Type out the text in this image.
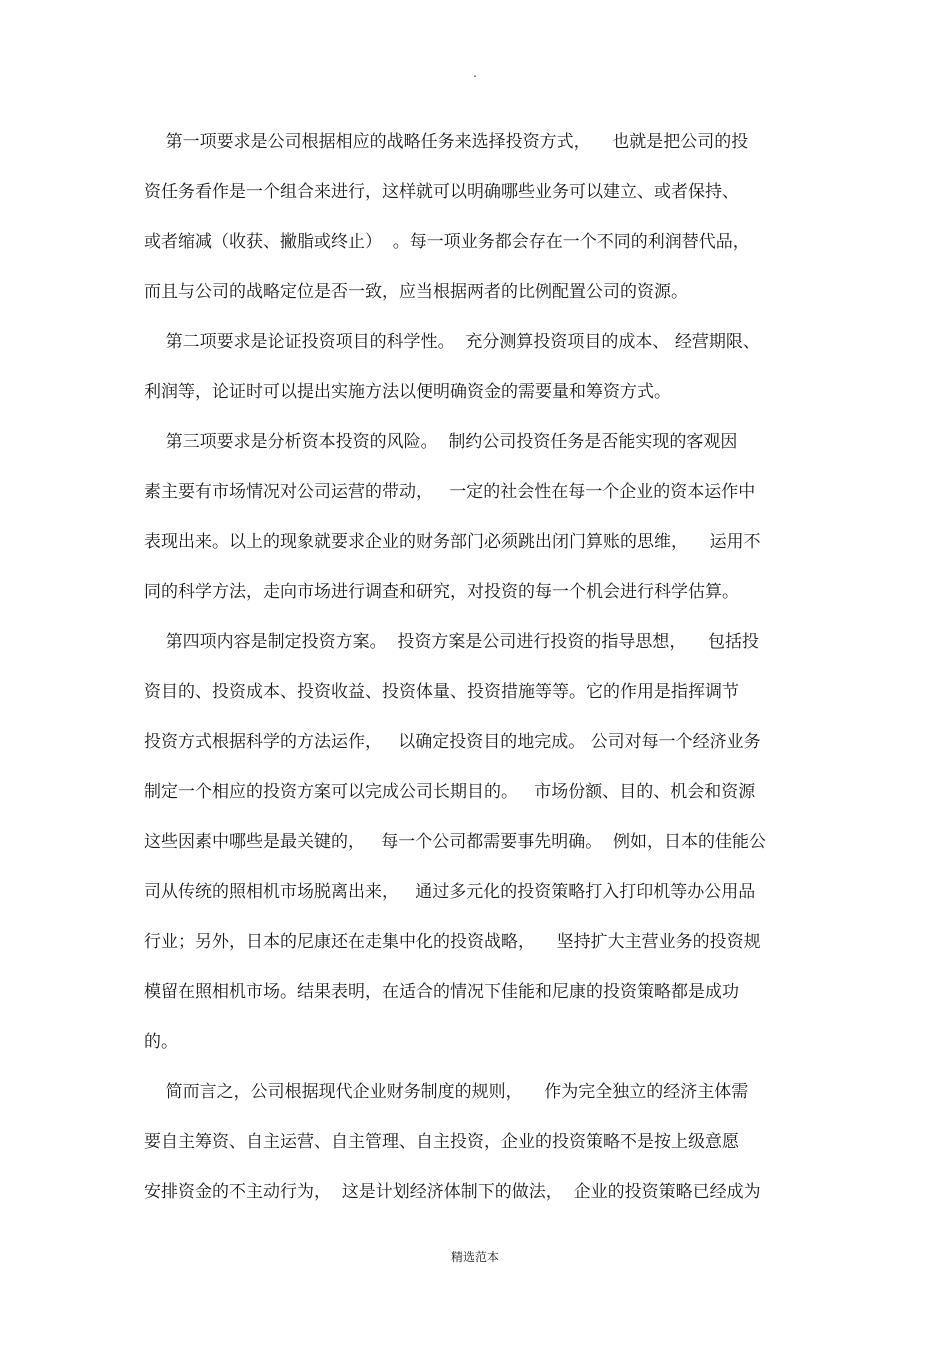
.
第一项要求是公司根据相应的战略任务来选择投资方式，    也就是把公司的投
资任务看作是一个组合来进行，这样就可以明确哪些业务可以建立、或者保持、
或者缩减（收获、撇脂或终止）  。每一项业务都会存在一个不同的利润替代品，
而且与公司的战略定位是否一致，应当根据两者的比例配置公司的资源。
第二项要求是论证投资项目的科学性。  充分测算投资项目的成本、 经营期限、
利润等，论证时可以提出实施方法以便明确资金的需要量和筹资方式。
第三项要求是分析资本投资的风险。  制约公司投资任务是否能实现的客观因
素主要有市场情况对公司运营的带动，   一定的社会性在每一个企业的资本运作中
表现出来。以上的现象就要求企业的财务部门必须跳出闭门算账的思维，    运用不
同的科学方法，走向市场进行调查和研究，对投资的每一个机会进行科学估算。
第四项内容是制定投资方案。  投资方案是公司进行投资的指导思想，    包括投
资目的、投资成本、投资收益、投资体量、投资措施等等。它的作用是指挥调节
投资方式根据科学的方法运作，   以确定投资目的地完成。 公司对每一个经济业务
制定一个相应的投资方案可以完成公司长期目的。   市场份额、目的、机会和资源
这些因素中哪些是最关键的，   每一个公司都需要事先明确。  例如，日本的佳能公
司从传统的照相机市场脱离出来，   通过多元化的投资策略打入打印机等办公用品
行业；另外，日本的尼康还在走集中化的投资战略，    坚持扩大主营业务的投资规
模留在照相机市场。结果表明，在适合的情况下佳能和尼康的投资策略都是成功
的。
简而言之，公司根据现代企业财务制度的规则，    作为完全独立的经济主体需
要自主筹资、自主运营、自主管理、自主投资，企业的投资策略不是按上级意愿
安排资金的不主动行为，  这是计划经济体制下的做法，  企业的投资策略已经成为
精选范本
